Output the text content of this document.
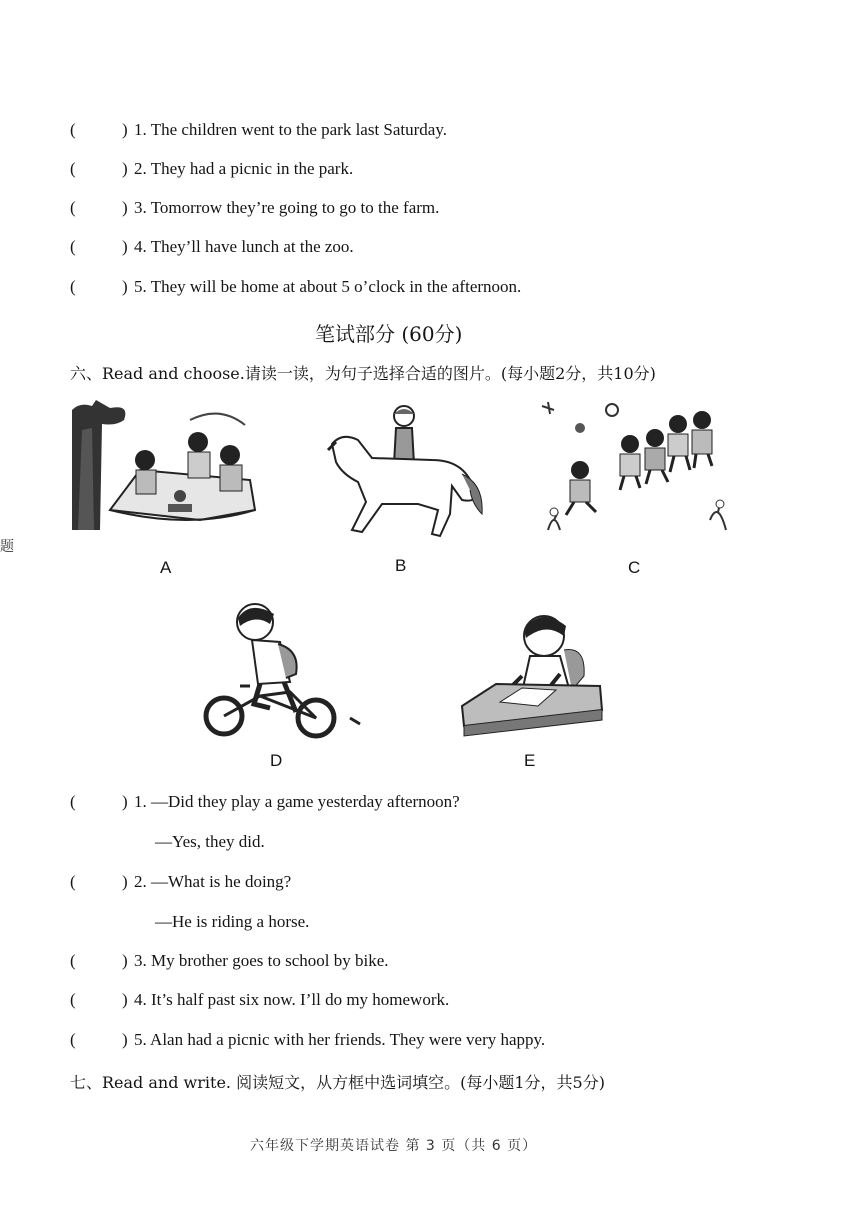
(	) 1. The children went to the park last Saturday.
(	) 2. They had a picnic in the park.
(	) 3. Tomorrow they’re going to go to the farm.
(	) 4. They’ll have lunch at the zoo.
(	) 5. They will be home at about 5 o’clock in the afternoon.
笔试部分 (60分)
六、Read and choose.请读一读，为句子选择合适的图片。(每小题2分，共10分)
题
A	B	C
D	E
(	) 1. —Did they play a game yesterday afternoon?
—Yes, they did.
(	) 2. —What is he doing?
—He is riding a horse.
(	) 3. My brother goes to school by bike.
(	) 4. It’s half past six now. I’ll do my homework.
(	) 5. Alan had a picnic with her friends. They were very happy.
七、Read and write. 阅读短文，从方框中选词填空。(每小题1分，共5分)
六年级下学期英语试卷 第 3 页（共 6 页）
